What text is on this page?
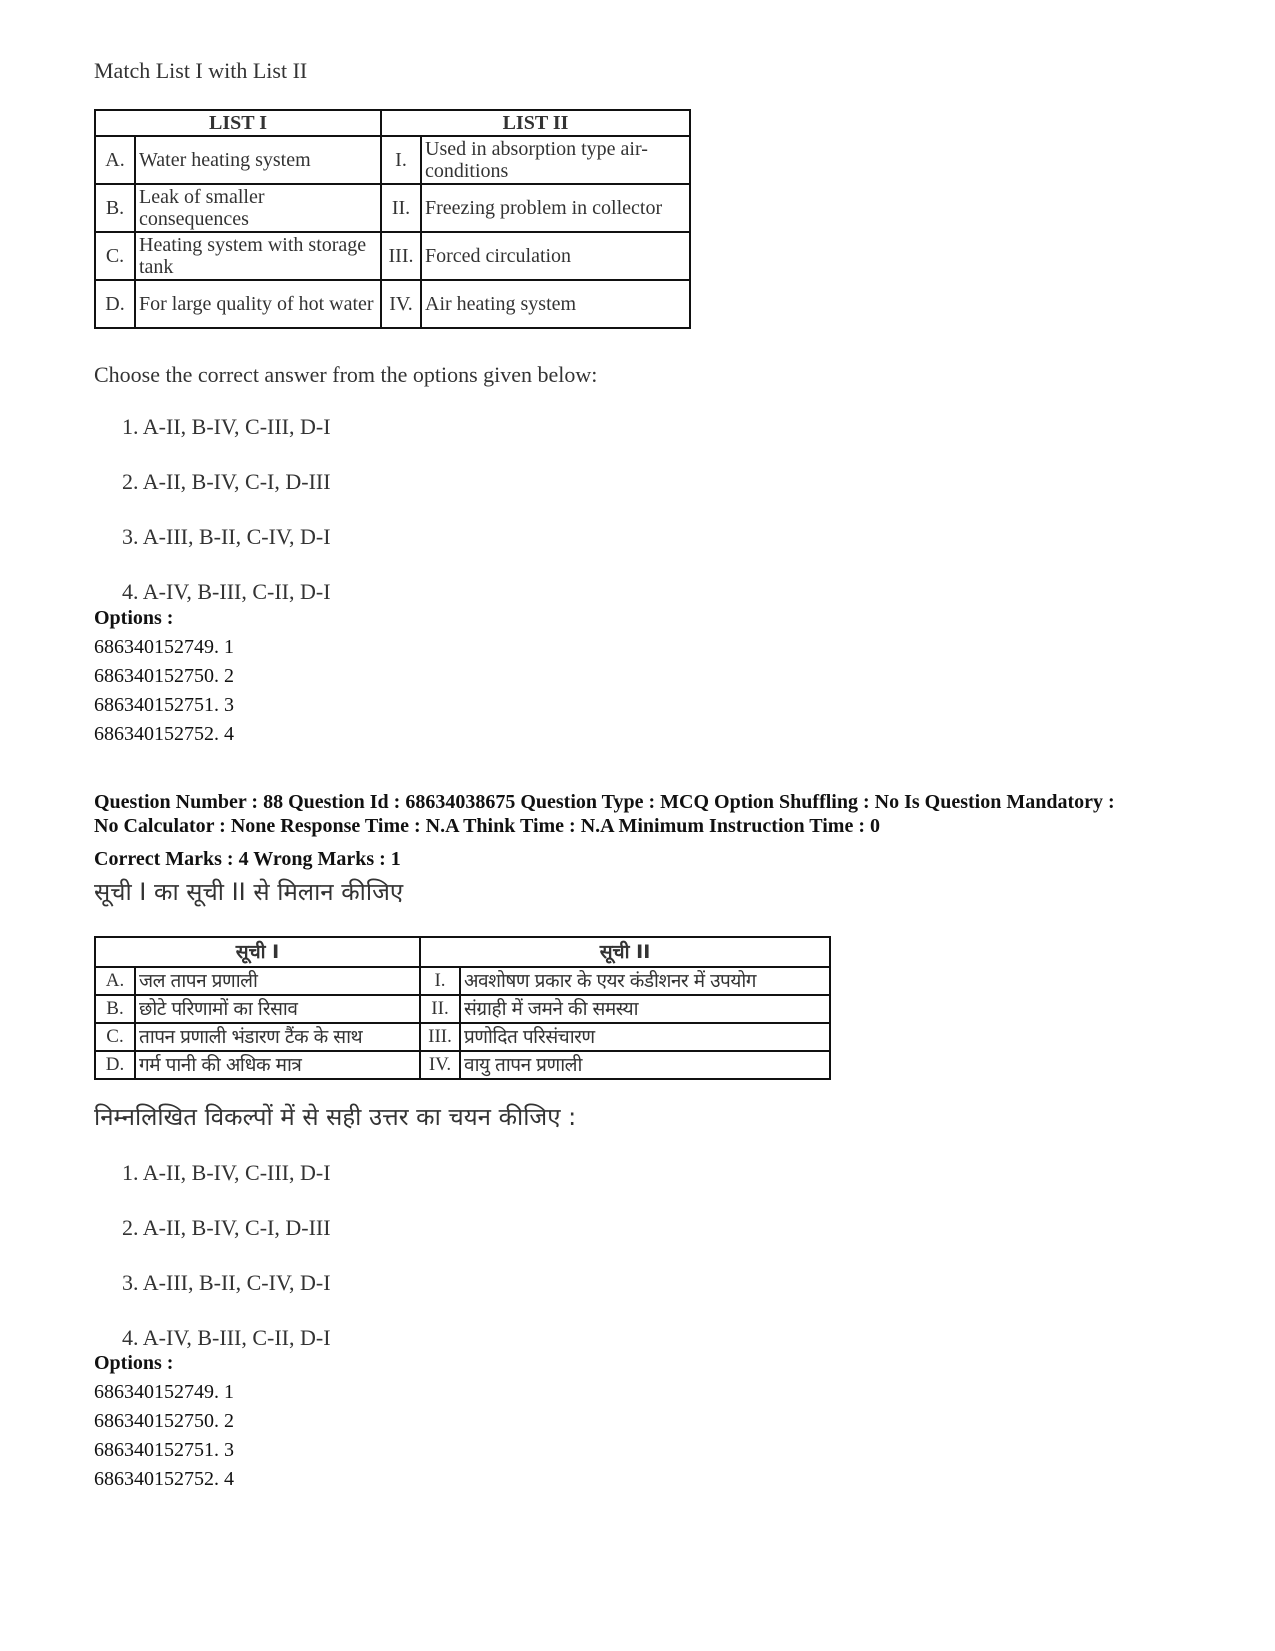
Match List I with List II
LIST I		LIST II	
A.	Water heating system	I.	Used in absorption type air-conditions
B.	Leak of smaller consequences	II.	Freezing problem in collector
C.	Heating system with storage tank	III.	Forced circulation
D.	For large quality of hot water	IV.	Air heating system
Choose the correct answer from the options given below:
1. A-II, B-IV, C-III, D-I
2. A-II, B-IV, C-I, D-III
3. A-III, B-II, C-IV, D-I
4. A-IV, B-III, C-II, D-I
Options :
686340152749. 1
686340152750. 2
686340152751. 3
686340152752. 4
Question Number : 88 Question Id : 68634038675 Question Type : MCQ Option Shuffling : No Is Question Mandatory :
No Calculator : None Response Time : N.A Think Time : N.A Minimum Instruction Time : 0
Correct Marks : 4 Wrong Marks : 1
सूची I का सूची II से मिलान कीजिए
सूची I		सूची II	
A.	जल तापन प्रणाली	I.	अवशोषण प्रकार के एयर कंडीशनर में उपयोग
B.	छोटे परिणामों का रिसाव	II.	संग्राही में जमने की समस्या
C.	तापन प्रणाली भंडारण टैंक के साथ	III.	प्रणोदित परिसंचारण
D.	गर्म पानी की अधिक मात्र	IV.	वायु तापन प्रणाली
निम्नलिखित विकल्पों में से सही उत्तर का चयन कीजिए :
1. A-II, B-IV, C-III, D-I
2. A-II, B-IV, C-I, D-III
3. A-III, B-II, C-IV, D-I
4. A-IV, B-III, C-II, D-I
Options :
686340152749. 1
686340152750. 2
686340152751. 3
686340152752. 4
